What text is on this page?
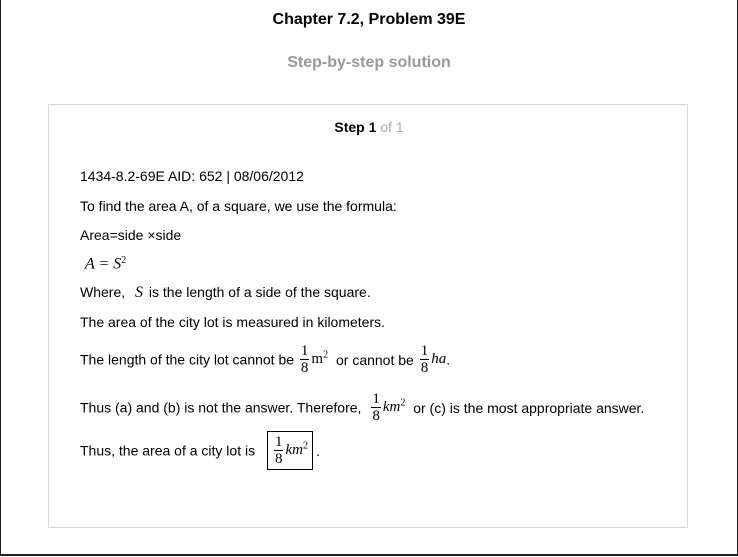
Chapter 7.2, Problem 39E
Step-by-step solution
Step 1 of 1
1434-8.2-69E AID: 652 | 08/06/2012
To find the area A, of a square, we use the formula:
Area=side ×side
$A = S^2$
Where, S is the length of a side of the square.
The area of the city lot is measured in kilometers.
The length of the city lot cannot be $\frac{1}{8} m^2$ or cannot be $\frac{1}{8}$ ha.
Thus (a) and (b) is not the answer. Therefore, $\frac{1}{8} km^2$ or (c) is the most appropriate answer.
Thus, the area of a city lot is $\frac{1}{8} km^2$ .
